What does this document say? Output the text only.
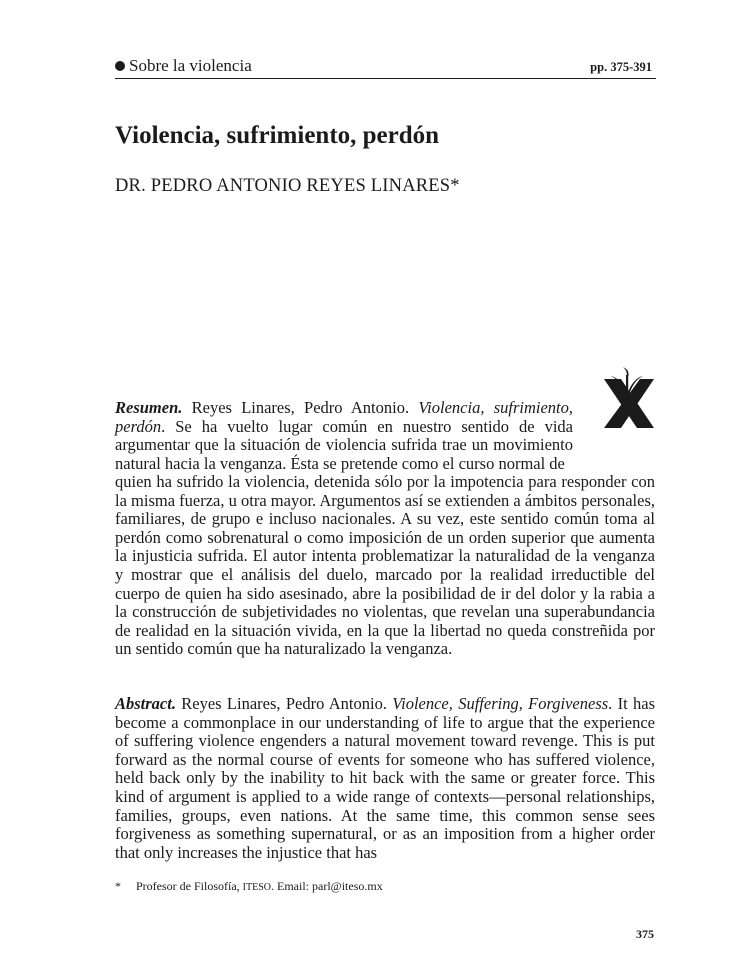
Sobre la violencia	pp. 375-391
Violencia, sufrimiento, perdón

DR. PEDRO ANTONIO REYES LINARES*

Resumen. Reyes Linares, Pedro Antonio. Violencia, sufrimiento, perdón. Se ha vuelto lugar común en nuestro sentido de vida argumentar que la situación de violencia sufrida trae un movimiento natural hacia la venganza. Ésta se pretende como el curso normal de

quien ha sufrido la violencia, detenida sólo por la impotencia para responder con la misma fuerza, u otra mayor. Argumentos así se extienden a ámbitos personales, familiares, de grupo e incluso nacionales. A su vez, este sentido común toma al perdón como sobrenatural o como imposición de un orden superior que aumenta la injusticia sufrida. El autor intenta problematizar la naturalidad de la venganza y mostrar que el análisis del duelo, marcado por la realidad irreductible del cuerpo de quien ha sido asesinado, abre la posibilidad de ir del dolor y la rabia a la construcción de subjetividades no violentas, que revelan una superabundancia de realidad en la situación vivida, en la que la libertad no queda constreñida por un sentido común que ha naturalizado la venganza.

Abstract. Reyes Linares, Pedro Antonio. Violence, Suffering, Forgiveness. It has become a commonplace in our understanding of life to argue that the experience of suffering violence engenders a natural movement toward revenge. This is put forward as the normal course of events for someone who has suffered violence, held back only by the inability to hit back with the same or greater force. This kind of argument is applied to a wide range of contexts—personal relationships, families, groups, even nations. At the same time, this common sense sees forgiveness as something supernatural, or as an imposition from a higher order that only increases the injustice that has

* Profesor de Filosofía, ITESO. Email: parl@iteso.mx
375
